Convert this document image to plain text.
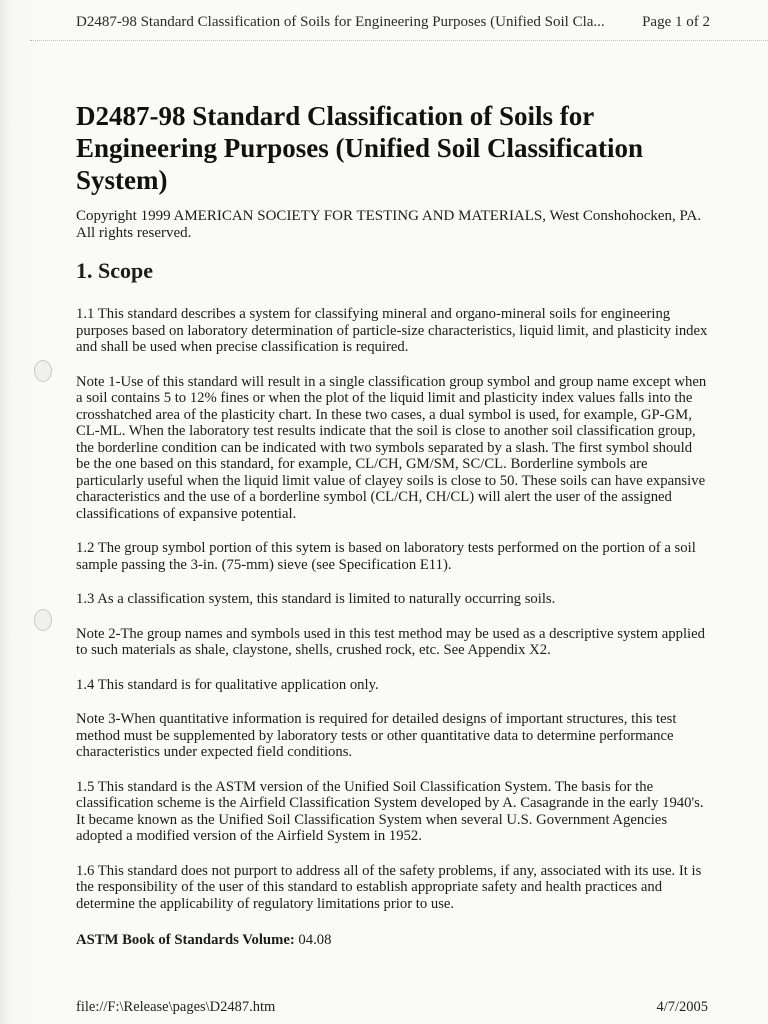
D2487-98 Standard Classification of Soils for Engineering Purposes (Unified Soil Cla... Page 1 of 2
D2487-98 Standard Classification of Soils for Engineering Purposes (Unified Soil Classification System)

Copyright 1999 AMERICAN SOCIETY FOR TESTING AND MATERIALS, West Conshohocken, PA. All rights reserved.

1. Scope

1.1 This standard describes a system for classifying mineral and organo-mineral soils for engineering purposes based on laboratory determination of particle-size characteristics, liquid limit, and plasticity index and shall be used when precise classification is required.

Note 1-Use of this standard will result in a single classification group symbol and group name except when a soil contains 5 to 12% fines or when the plot of the liquid limit and plasticity index values falls into the crosshatched area of the plasticity chart. In these two cases, a dual symbol is used, for example, GP-GM, CL-ML. When the laboratory test results indicate that the soil is close to another soil classification group, the borderline condition can be indicated with two symbols separated by a slash. The first symbol should be the one based on this standard, for example, CL/CH, GM/SM, SC/CL. Borderline symbols are particularly useful when the liquid limit value of clayey soils is close to 50. These soils can have expansive characteristics and the use of a borderline symbol (CL/CH, CH/CL) will alert the user of the assigned classifications of expansive potential.

1.2 The group symbol portion of this sytem is based on laboratory tests performed on the portion of a soil sample passing the 3-in. (75-mm) sieve (see Specification E11).

1.3 As a classification system, this standard is limited to naturally occurring soils.

Note 2-The group names and symbols used in this test method may be used as a descriptive system applied to such materials as shale, claystone, shells, crushed rock, etc. See Appendix X2.

1.4 This standard is for qualitative application only.

Note 3-When quantitative information is required for detailed designs of important structures, this test method must be supplemented by laboratory tests or other quantitative data to determine performance characteristics under expected field conditions.

1.5 This standard is the ASTM version of the Unified Soil Classification System. The basis for the classification scheme is the Airfield Classification System developed by A. Casagrande in the early 1940's. It became known as the Unified Soil Classification System when several U.S. Government Agencies adopted a modified version of the Airfield System in 1952.

1.6 This standard does not purport to address all of the safety problems, if any, associated with its use. It is the responsibility of the user of this standard to establish appropriate safety and health practices and determine the applicability of regulatory limitations prior to use.

ASTM Book of Standards Volume: 04.08

file://F:\Release\pages\D2487.htm	4/7/2005
